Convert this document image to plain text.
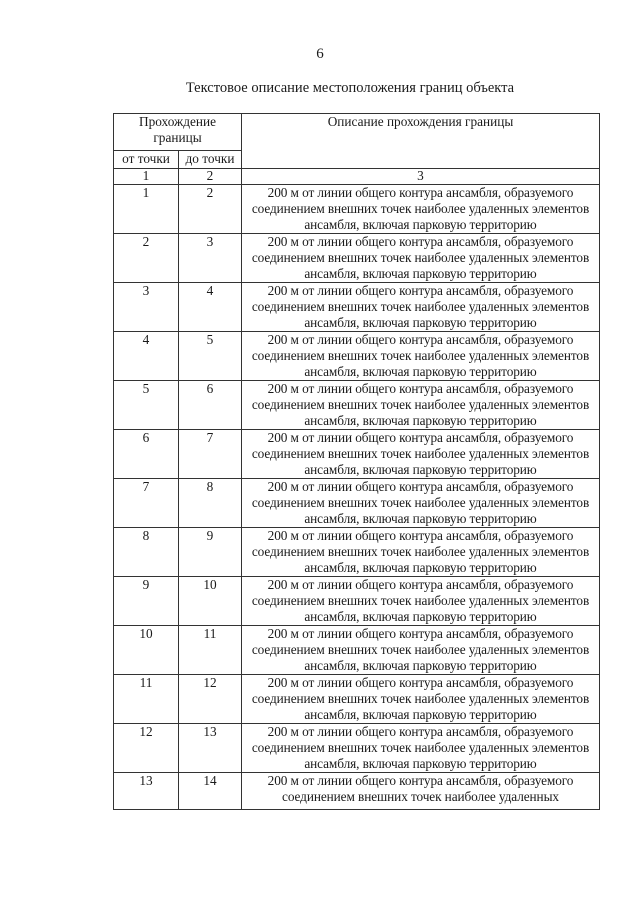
6
Текстовое описание местоположения границ объекта
Прохождение границы		Описание прохождения границы
от точки	до точки	
1	2	3
1	2	200 м от линии общего контура ансамбля, образуемого соединением внешних точек наиболее удаленных элементов ансамбля, включая парковую территорию
2	3	200 м от линии общего контура ансамбля, образуемого соединением внешних точек наиболее удаленных элементов ансамбля, включая парковую территорию
3	4	200 м от линии общего контура ансамбля, образуемого соединением внешних точек наиболее удаленных элементов ансамбля, включая парковую территорию
4	5	200 м от линии общего контура ансамбля, образуемого соединением внешних точек наиболее удаленных элементов ансамбля, включая парковую территорию
5	6	200 м от линии общего контура ансамбля, образуемого соединением внешних точек наиболее удаленных элементов ансамбля, включая парковую территорию
6	7	200 м от линии общего контура ансамбля, образуемого соединением внешних точек наиболее удаленных элементов ансамбля, включая парковую территорию
7	8	200 м от линии общего контура ансамбля, образуемого соединением внешних точек наиболее удаленных элементов ансамбля, включая парковую территорию
8	9	200 м от линии общего контура ансамбля, образуемого соединением внешних точек наиболее удаленных элементов ансамбля, включая парковую территорию
9	10	200 м от линии общего контура ансамбля, образуемого соединением внешних точек наиболее удаленных элементов ансамбля, включая парковую территорию
10	11	200 м от линии общего контура ансамбля, образуемого соединением внешних точек наиболее удаленных элементов ансамбля, включая парковую территорию
11	12	200 м от линии общего контура ансамбля, образуемого соединением внешних точек наиболее удаленных элементов ансамбля, включая парковую территорию
12	13	200 м от линии общего контура ансамбля, образуемого соединением внешних точек наиболее удаленных элементов ансамбля, включая парковую территорию
13	14	200 м от линии общего контура ансамбля, образуемого соединением внешних точек наиболее удаленных
